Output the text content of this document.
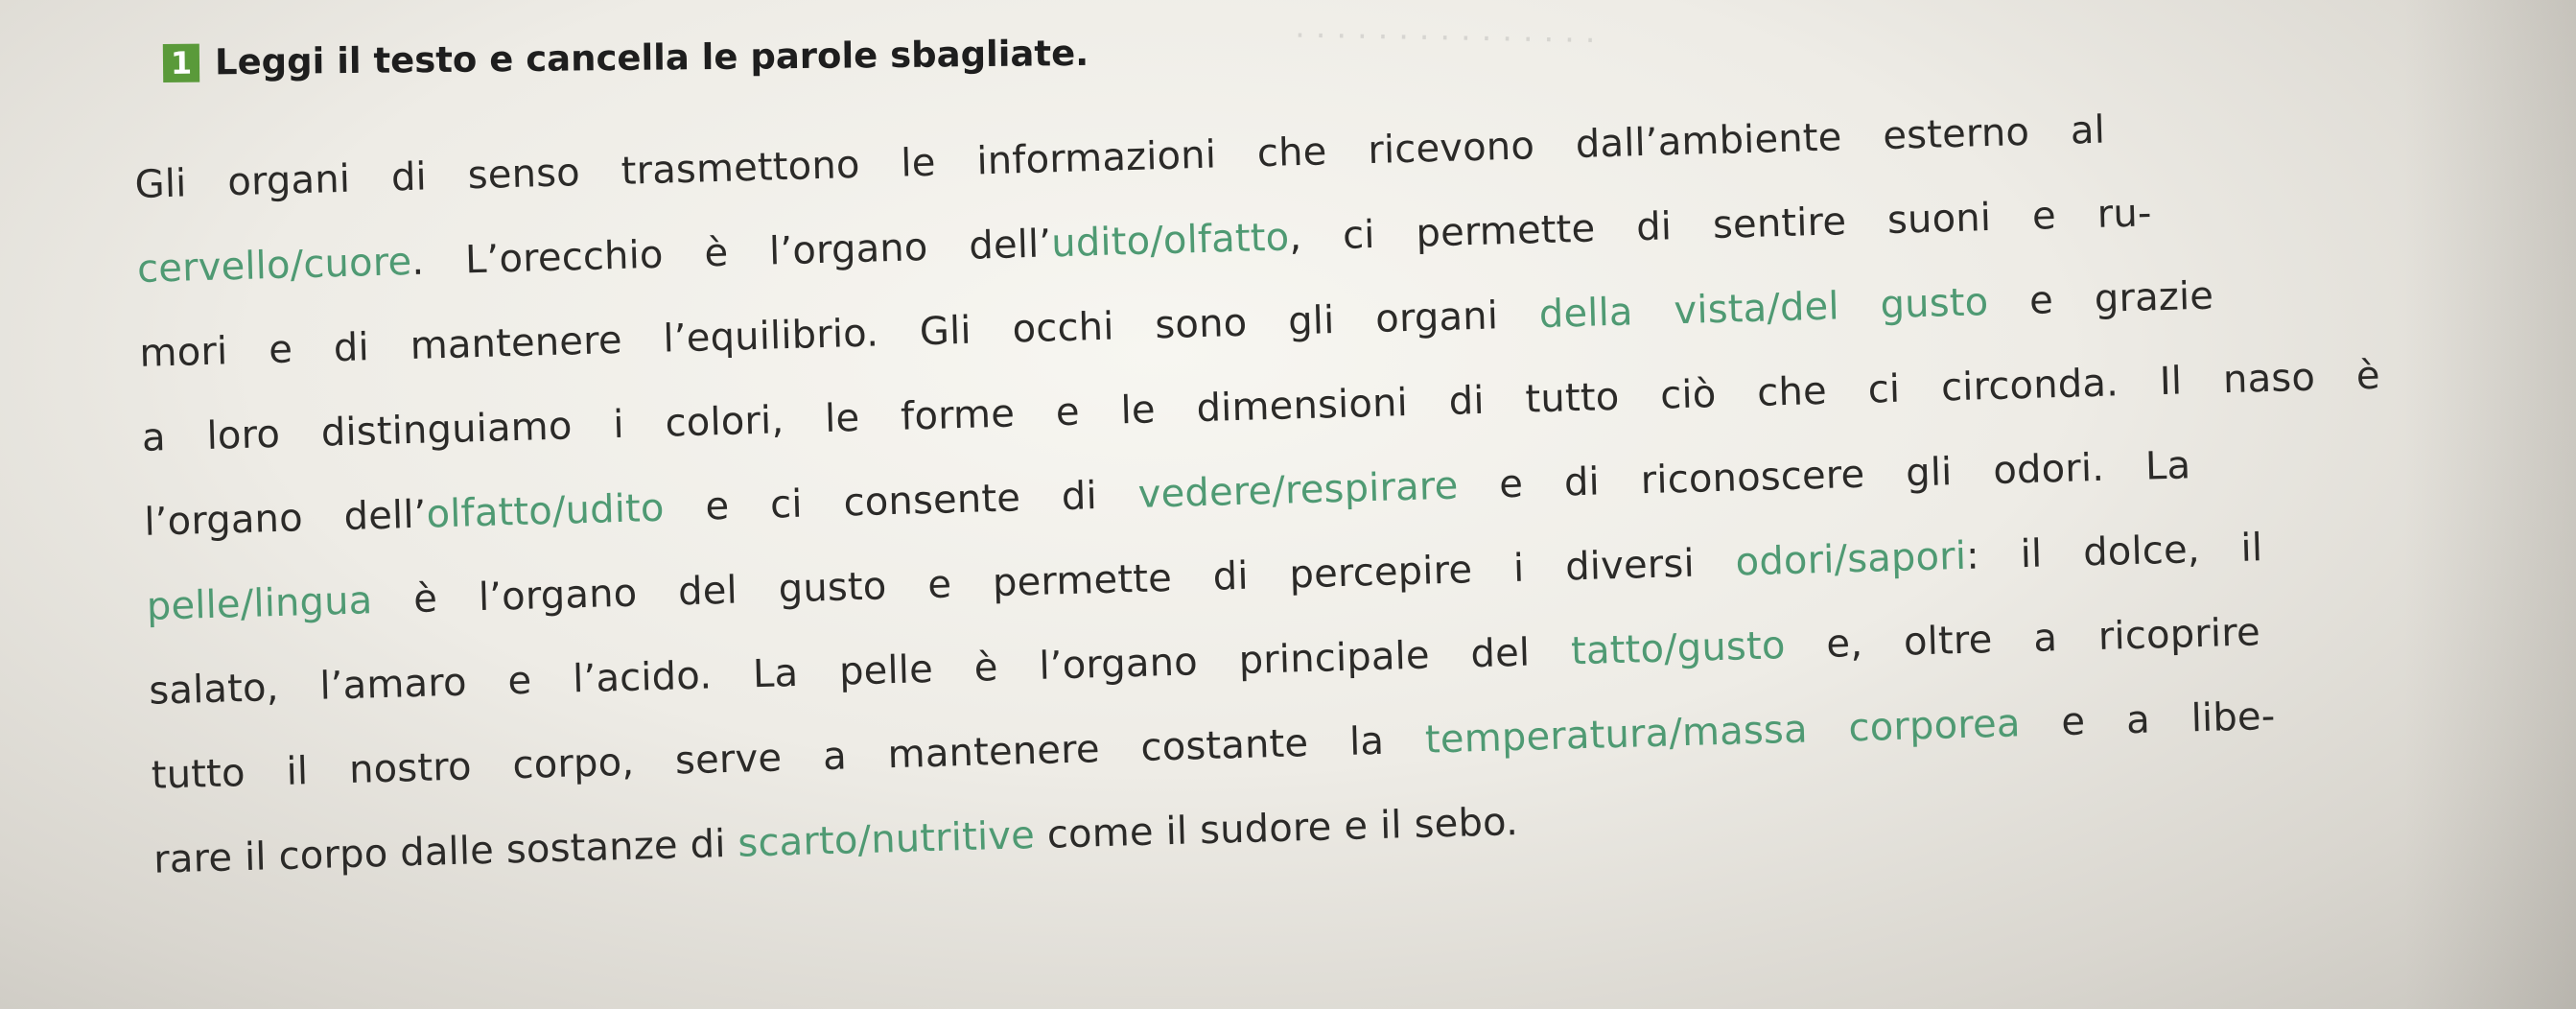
· · · · · · · · · · · · · · ·
1 Leggi il testo e cancella le parole sbagliate.
Gli organi di senso trasmettono le informazioni che ricevono dall’ambiente esterno al
cervello/cuore. L’orecchio è l’organo dell’udito/olfatto, ci permette di sentire suoni e ru-
mori e di mantenere l’equilibrio. Gli occhi sono gli organi della vista/del gusto e grazie
a loro distinguiamo i colori, le forme e le dimensioni di tutto ciò che ci circonda. Il naso è
l’organo dell’olfatto/udito e ci consente di vedere/respirare e di riconoscere gli odori. La
pelle/lingua è l’organo del gusto e permette di percepire i diversi odori/sapori: il dolce, il
salato, l’amaro e l’acido. La pelle è l’organo principale del tatto/gusto e, oltre a ricoprire
tutto il nostro corpo, serve a mantenere costante la temperatura/massa corporea e a libe-
rare il corpo dalle sostanze di scarto/nutritive come il sudore e il sebo.
